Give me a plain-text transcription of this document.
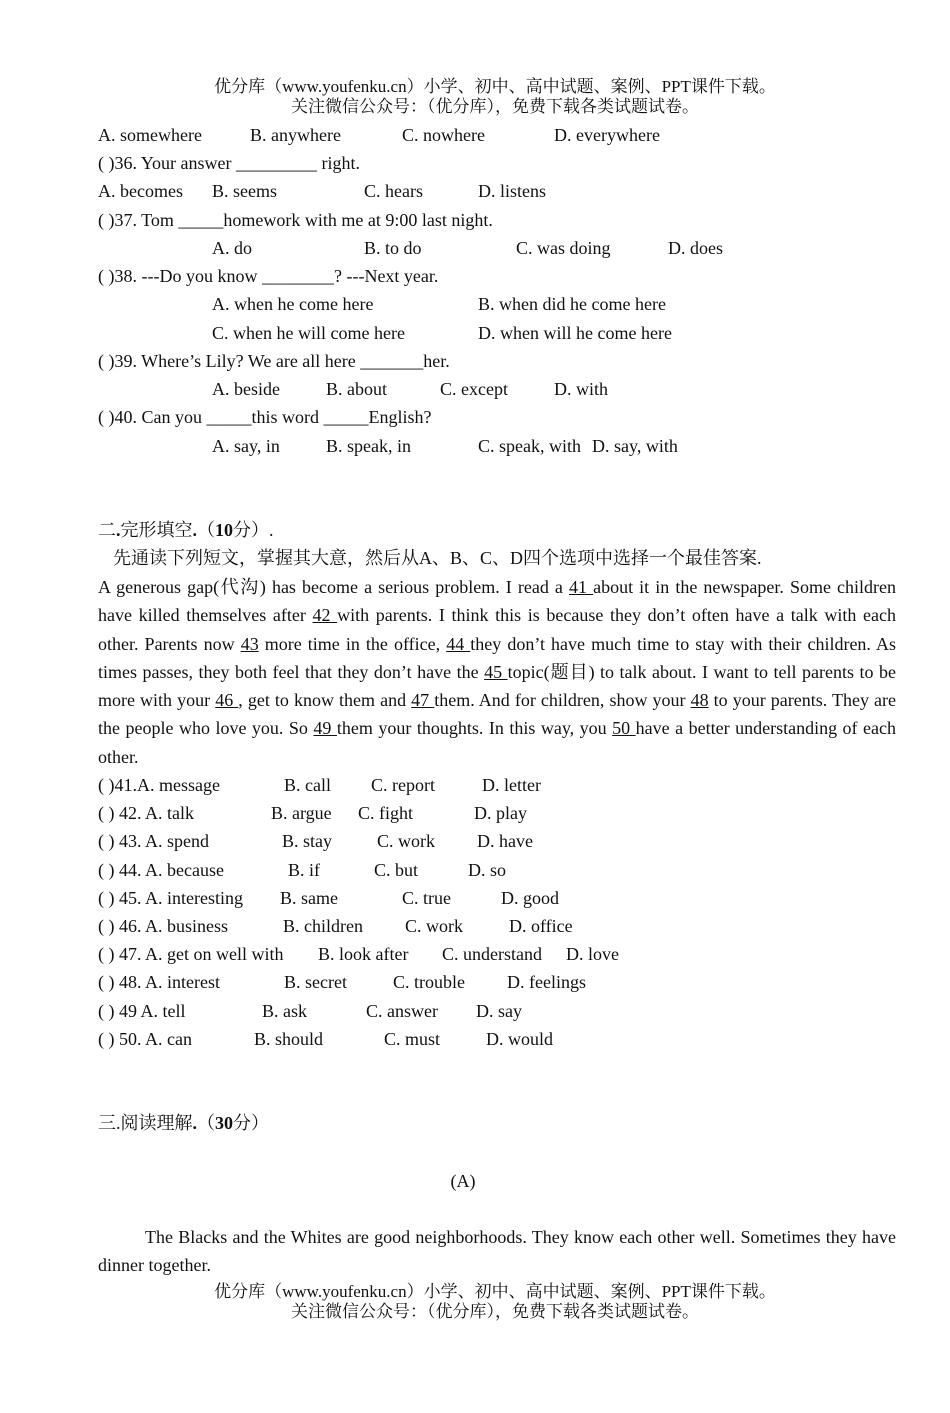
优分库（www.youfenku.cn）小学、初中、高中试题、案例、PPT课件下载。
关注微信公众号：（优分库），免费下载各类试题试卷。
A. somewhere	B. anywhere	C. nowhere	D. everywhere
( )36. Your answer _________ right.
A. becomes B. seems	C. hears	D. listens
( )37. Tom _____homework with me at 9:00 last night.
A. do	B. to do	C. was doing	D. does
( )38. ---Do you know ________? ---Next year.
A. when he come here	B. when did he come here
C. when he will come here	D. when will he come here
( )39. Where’s Lily? We are all here _______her.
A. beside	B. about	C. except	D. with
( )40. Can you _____this word _____English?
A. say, in	B. speak, in	C. speak, with D. say, with
二.完形填空.（10分）.
先通读下列短文，掌握其大意，然后从A、B、C、D四个选项中选择一个最佳答案.
A generous gap(代沟) has become a serious problem. I read a 41 about it in the newspaper. Some children have killed themselves after 42 with parents. I think this is because they don’t often have a talk with each other. Parents now 43 more time in the office, 44 they don’t have much time to stay with their children. As times passes, they both feel that they don’t have the 45 topic(题目) to talk about. I want to tell parents to be more with your 46 , get to know them and 47 them. And for children, show your 48 to your parents. They are the people who love you. So 49 them your thoughts. In this way, you 50 have a better understanding of each other.
( )41.A. message	B. call C. report	D. letter
( ) 42. A. talk	B. argue C. fight	D. play
( ) 43. A. spend	B. stay C. work D. have
( ) 44. A. because	B. if	C. but	D. so
( ) 45. A. interesting B. same	C. true	D. good
( ) 46. A. business	B. children C. work	D. office
( ) 47. A. get on well with B. look after C. understand D. love
( ) 48. A. interest	B. secret	C. trouble D. feelings
( ) 49 A. tell	B. ask	C. answer D. say
( ) 50. A. can	B. should	C. must	D. would
三.阅读理解.（30分）
(A)
The Blacks and the Whites are good neighborhoods. They know each other well. Sometimes they have dinner together.
优分库（www.youfenku.cn）小学、初中、高中试题、案例、PPT课件下载。
关注微信公众号：（优分库），免费下载各类试题试卷。
